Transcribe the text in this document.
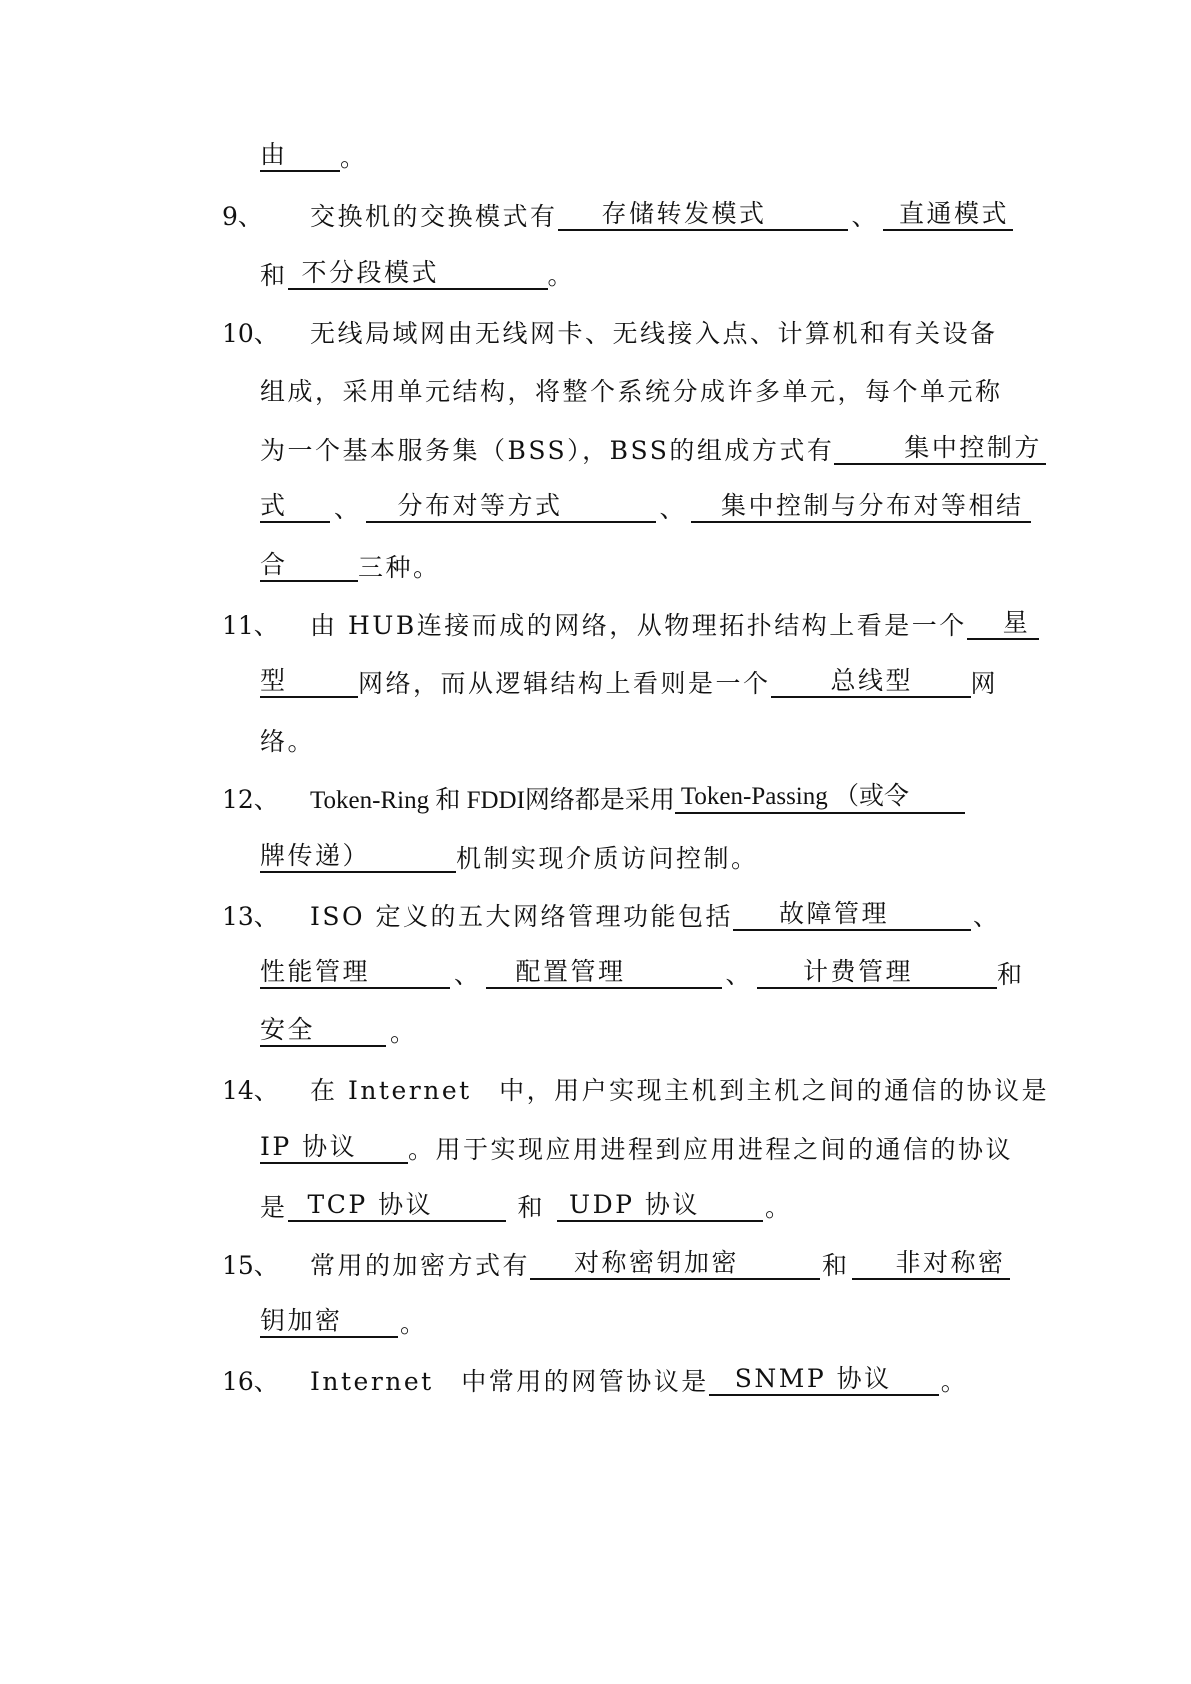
由 。
9、 交换机的交换模式有 存储转发模式	、 直通模式
和 不分段模式	。
10、 无线局域网由无线网卡、无线接入点、计算机和有关设备
组成，采用单元结构，将整个系统分成许多单元，每个单元称
为一个基本服务集（BSS），BSS的组成方式有	集中控制方
式 、 分布对等方式	、 集中控制与分布对等相结
合	三种。
11、 由 HUB连接而成的网络，从物理拓扑结构上看是一个 星
型	网络，而从逻辑结构上看则是一个 总线型 网
络。
12、 Token-Ring 和 FDDI网络都是采用 Token-Passing （或令
牌传递）	机制实现介质访问控制。
13、 ISO 定义的五大网络管理功能包括 故障管理	、
性能管理	、 配置管理	、 计费管理	和
安全	。
14、 在 Internet　中，用户实现主机到主机之间的通信的协议是
IP 协议 。用于实现应用进程到应用进程之间的通信的协议
是 TCP 协议	和 UDP 协议	。
15、 常用的加密方式有 对称密钥加密	和 非对称密
钥加密 。
16、 Internet　中常用的网管协议是 SNMP 协议 。
